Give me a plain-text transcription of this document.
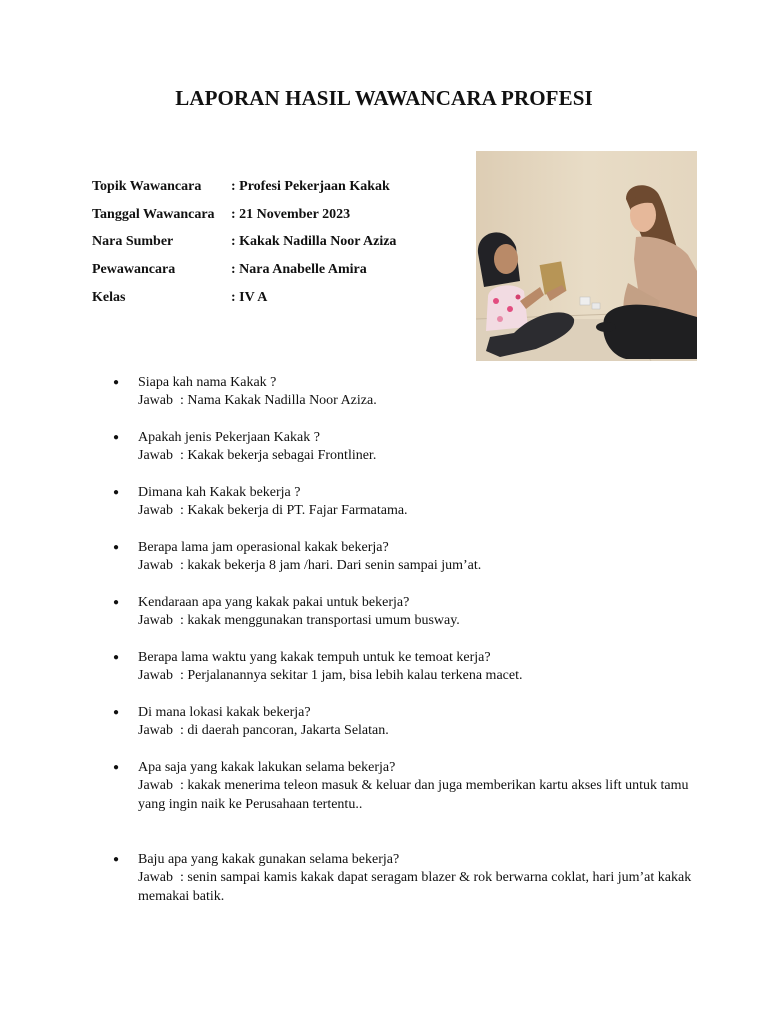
LAPORAN HASIL WAWANCARA PROFESI
Topik Wawancara : Profesi Pekerjaan Kakak
Tanggal Wawancara : 21 November 2023
Nara Sumber	: Kakak Nadilla Noor Aziza
Pewawancara	: Nara Anabelle Amira
Kelas	: IV A
● Siapa kah nama Kakak ?
Jawab  : Nama Kakak Nadilla Noor Aziza.
● Apakah jenis Pekerjaan Kakak ?
Jawab  : Kakak bekerja sebagai Frontliner.
● Dimana kah Kakak bekerja ?
Jawab  : Kakak bekerja di PT. Fajar Farmatama.
● Berapa lama jam operasional kakak bekerja?
Jawab  : kakak bekerja 8 jam /hari. Dari senin sampai jum’at.
● Kendaraan apa yang kakak pakai untuk bekerja?
Jawab  : kakak menggunakan transportasi umum busway.
● Berapa lama waktu yang kakak tempuh untuk ke temoat kerja?
Jawab  : Perjalanannya sekitar 1 jam, bisa lebih kalau terkena macet.
● Di mana lokasi kakak bekerja?
Jawab  : di daerah pancoran, Jakarta Selatan.
● Apa saja yang kakak lakukan selama bekerja?
Jawab  : kakak menerima teleon masuk & keluar dan juga memberikan kartu akses lift untuk tamu yang ingin naik ke Perusahaan tertentu..
● Baju apa yang kakak gunakan selama bekerja?
Jawab  : senin sampai kamis kakak dapat seragam blazer & rok berwarna coklat, hari jum’at kakak memakai batik.
